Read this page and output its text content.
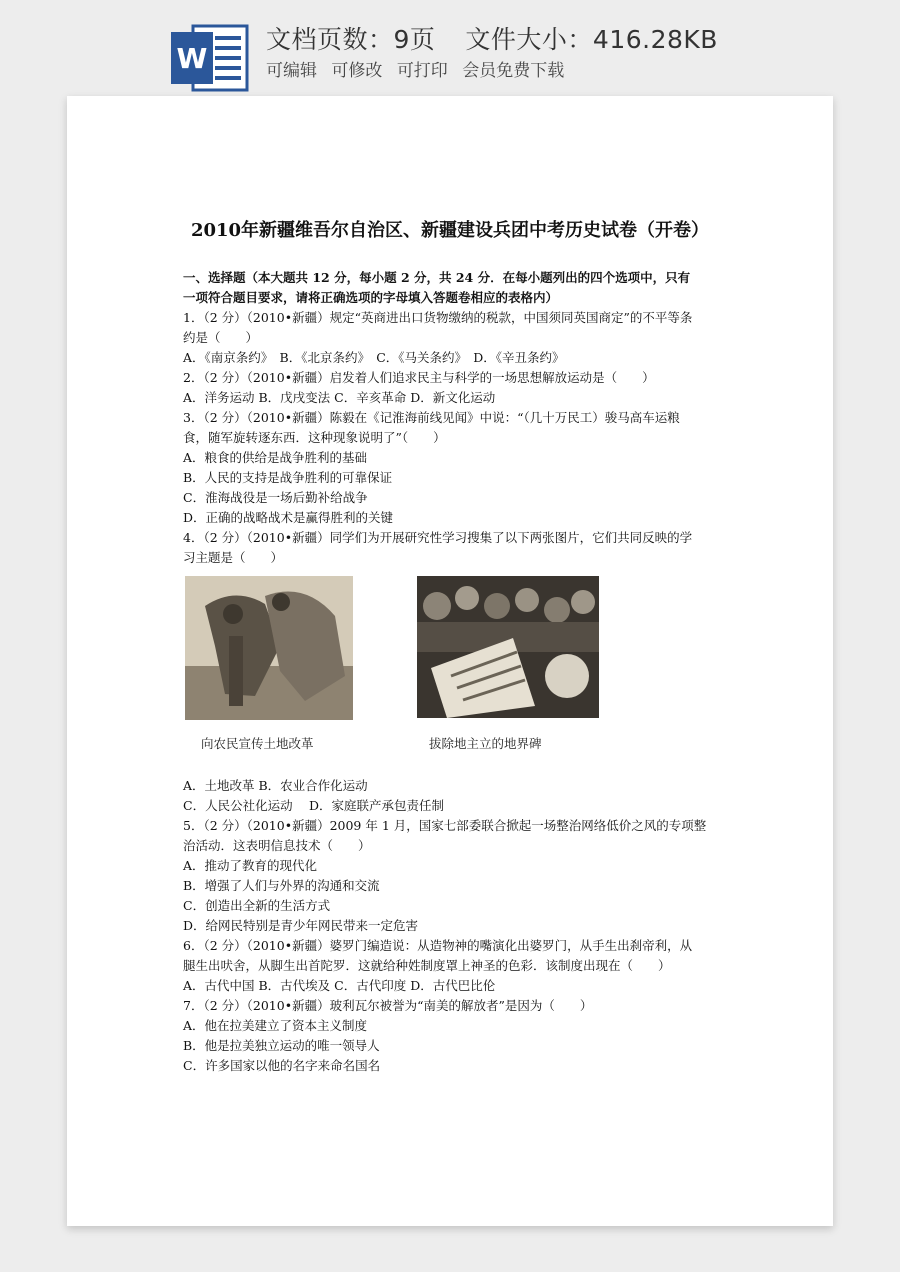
W
文档页数：9页 文件大小：416.28KB
可编辑 可修改 可打印 会员免费下载
2010年新疆维吾尔自治区、新疆建设兵团中考历史试卷（开卷）
一、选择题（本大题共 12 分，每小题 2 分，共 24 分．在每小题列出的四个选项中，只有
一项符合题目要求，请将正确选项的字母填入答题卷相应的表格内）
1．（2 分）（2010•新疆）规定“英商进出口货物缴纳的税款，中国须同英国商定”的不平等条
约是（　　）
A．《南京条约》　B．《北京条约》　C．《马关条约》　D．《辛丑条约》
2．（2 分）（2010•新疆）启发着人们追求民主与科学的一场思想解放运动是（　　）
A．洋务运动 B．戊戌变法 C．辛亥革命 D．新文化运动
3．（2 分）（2010•新疆）陈毅在《记淮海前线见闻》中说：“（几十万民工）骏马高车运粮
食，随军旋转逐东西．这种现象说明了”（　　）
A．粮食的供给是战争胜利的基础
B．人民的支持是战争胜利的可靠保证
C．淮海战役是一场后勤补给战争
D．正确的战略战术是赢得胜利的关键
4．（2 分）（2010•新疆）同学们为开展研究性学习搜集了以下两张图片，它们共同反映的学
习主题是（　　）
向农民宣传土地改革	拔除地主立的地界碑
A．土地改革 B．农业合作化运动
C．人民公社化运动　 D．家庭联产承包责任制
5．（2 分）（2010•新疆）2009 年 1 月，国家七部委联合掀起一场整治网络低价之风的专项整
治活动．这表明信息技术（　　）
A．推动了教育的现代化
B．增强了人们与外界的沟通和交流
C．创造出全新的生活方式
D．给网民特别是青少年网民带来一定危害
6．（2 分）（2010•新疆）婆罗门编造说：从造物神的嘴演化出婆罗门，从手生出刹帝利，从
腿生出吠舍，从脚生出首陀罗．这就给种姓制度罩上神圣的色彩．该制度出现在（　　）
A．古代中国 B．古代埃及 C．古代印度 D．古代巴比伦
7．（2 分）（2010•新疆）玻利瓦尔被誉为“南美的解放者”是因为（　　）
A．他在拉美建立了资本主义制度
B．他是拉美独立运动的唯一领导人
C．许多国家以他的名字来命名国名
